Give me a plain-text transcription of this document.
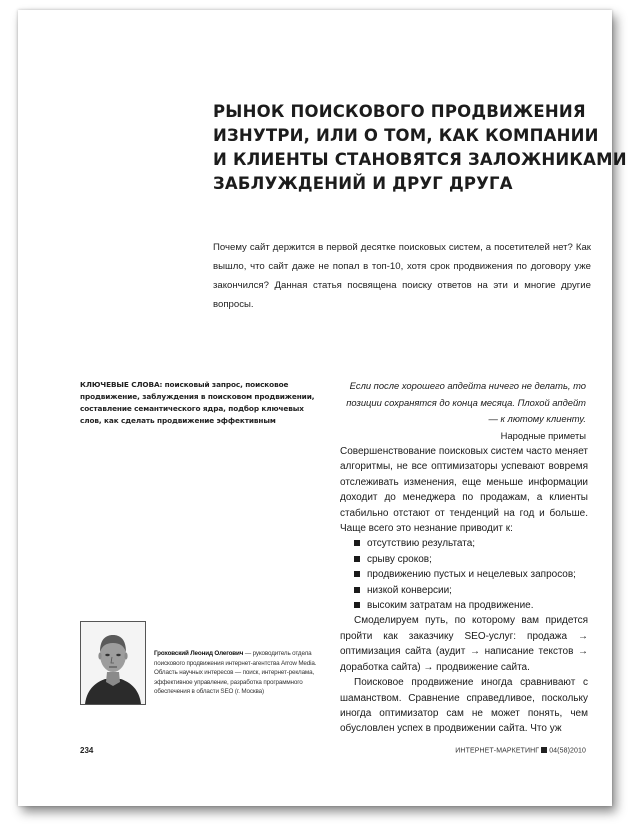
РЫНОК ПОИСКОВОГО ПРОДВИЖЕНИЯ
ИЗНУТРИ, ИЛИ О ТОМ, КАК КОМПАНИИ
И КЛИЕНТЫ СТАНОВЯТСЯ ЗАЛОЖНИКАМИ
ЗАБЛУЖДЕНИЙ И ДРУГ ДРУГА

Почему сайт держится в первой десятке поисковых систем, а посетителей нет? Как вышло, что сайт даже не попал в топ-10, хотя срок продвижения по договору уже закончился? Данная статья посвящена поиску ответов на эти и многие другие вопросы.

КЛЮЧЕВЫЕ СЛОВА: поисковый запрос, поисковое продвижение, заблуждения в поисковом продвижении, составление семантического ядра, подбор ключевых слов, как сделать продвижение эффективным

Если после хорошего апдейта ничего не делать, то позиции сохранятся до конца месяца. Плохой апдейт — к лютому клиенту.
Народные приметы

Совершенствование поисковых систем часто меняет алгоритмы, не все оптимизаторы успевают вовремя отслеживать изменения, еще меньше информации доходит до менеджера по продажам, а клиенты стабильно отстают от тенденций на год и больше. Чаще всего это незнание приводит к:

отсутствию результата;
срыву сроков;
продвижению пустых и нецелевых запросов;
низкой конверсии;
высоким затратам на продвижение.

Смоделируем путь, по которому вам придется пройти как заказчику SEO-услуг: продажа → оптимизация сайта (аудит → написание текстов → доработка сайта) → продвижение сайта.

Поисковое продвижение иногда сравнивают с шаманством. Сравнение справедливое, поскольку иногда оптимизатор сам не может понять, чем обусловлен успех в продвижении сайта. Что уж

Гроховский Леонид Олегович — руководитель отдела поискового продвижения интернет-агентства Arrow Media. Область научных интересов — поиск, интернет-реклама, эффективное управление, разработка программного обеспечения в области SEO (г. Москва)

234	ИНТЕРНЕТ-МАРКЕТИНГ 04(58)2010
